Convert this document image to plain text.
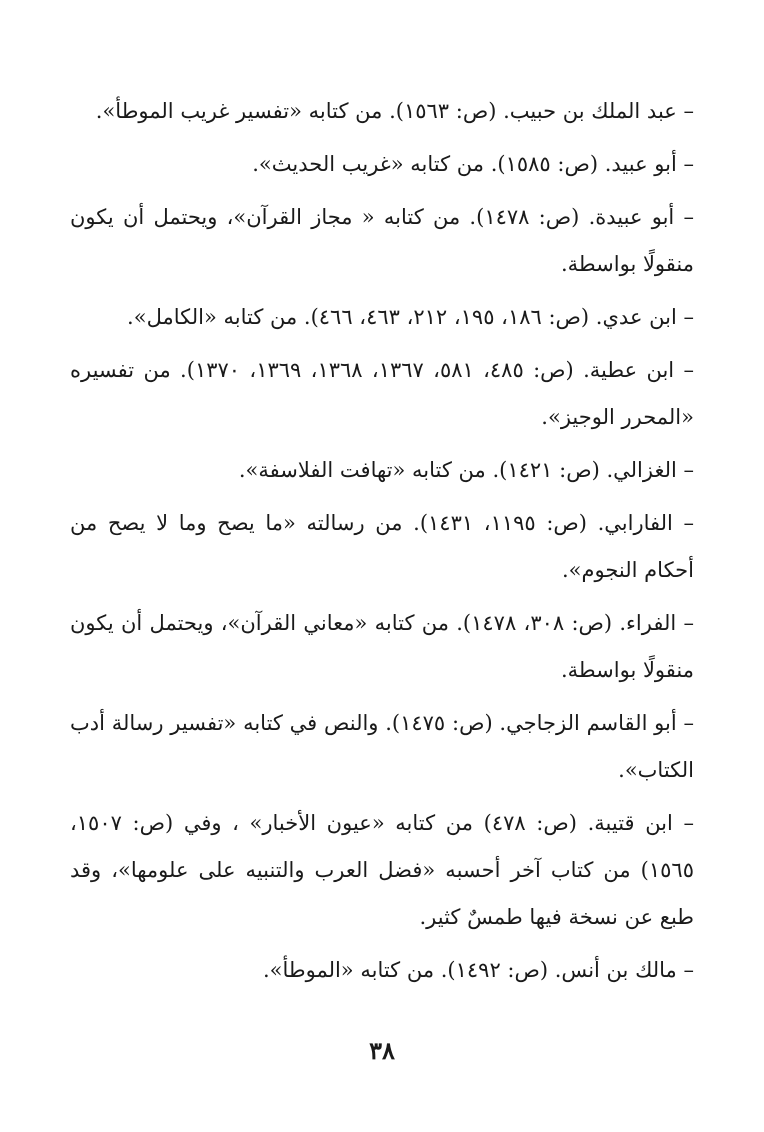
– عبد الملك بن حبيب. (ص: ١٥٦٣). من كتابه «تفسير غريب الموطأ».

– أبو عبيد. (ص: ١٥٨٥). من كتابه «غريب الحديث».

– أبو عبيدة. (ص: ١٤٧٨). من كتابه « مجاز القرآن»، ويحتمل أن يكون منقولًا بواسطة.

– ابن عدي. (ص: ١٨٦، ١٩٥، ٢١٢، ٤٦٣، ٤٦٦). من كتابه «الكامل».

– ابن عطية. (ص: ٤٨٥، ٥٨١، ١٣٦٧، ١٣٦٨، ١٣٦٩، ١٣٧٠). من تفسيره «المحرر الوجيز».

– الغزالي. (ص: ١٤٢١). من كتابه «تهافت الفلاسفة».

– الفارابي. (ص: ١١٩٥، ١٤٣١). من رسالته «ما يصح وما لا يصح من أحكام النجوم».

– الفراء. (ص: ٣٠٨، ١٤٧٨). من كتابه «معاني القرآن»، ويحتمل أن يكون منقولًا بواسطة.

– أبو القاسم الزجاجي. (ص: ١٤٧٥). والنص في كتابه «تفسير رسالة أدب الكتاب».

– ابن قتيبة. (ص: ٤٧٨) من كتابه «عيون الأخبار» ، وفي (ص: ١٥٠٧، ١٥٦٥) من كتاب آخر أحسبه «فضل العرب والتنبيه على علومها»، وقد طبع عن نسخة فيها طمسٌ كثير.

– مالك بن أنس. (ص: ١٤٩٢). من كتابه «الموطأ».

٣٨
